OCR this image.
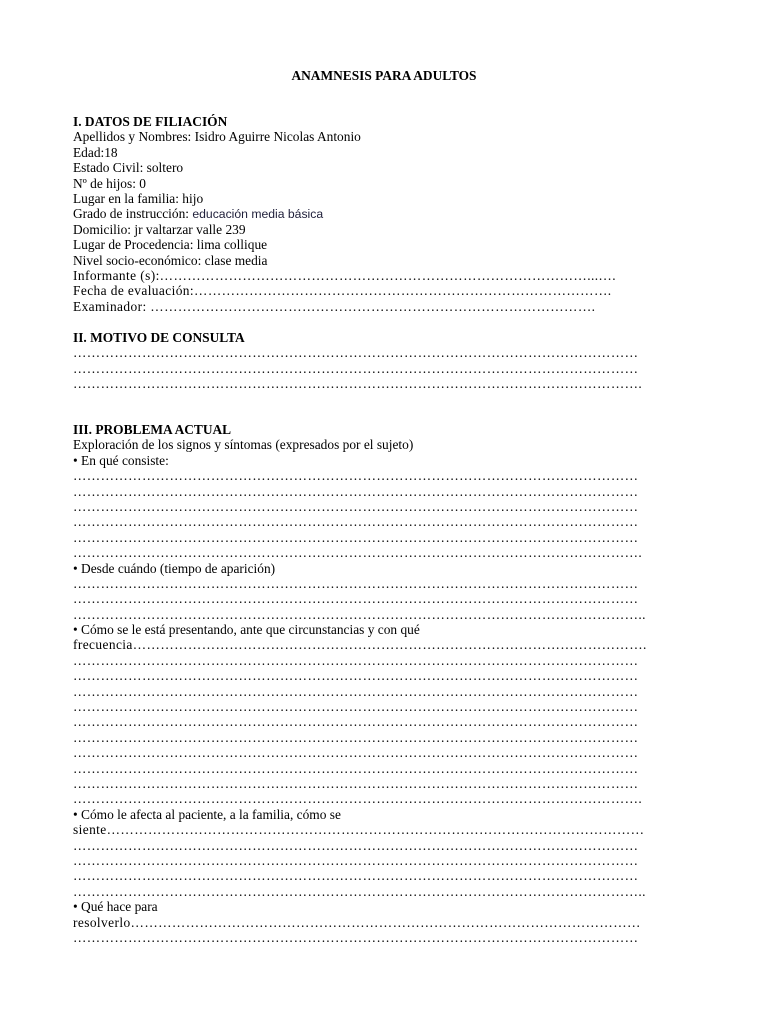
ANAMNESIS PARA ADULTOS
I. DATOS DE FILIACIÓN
Apellidos y Nombres: Isidro Aguirre Nicolas Antonio
Edad:18
Estado Civil: soltero
Nº de hijos: 0
Lugar en la familia: hijo
Grado de instrucción: educación media básica
Domicilio: jr valtarzar valle 239
Lugar de Procedencia: lima collique
Nivel socio-económico: clase media
Informante (s):…………………………………………………………………………………...….
Fecha de evaluación:……………………………………………………………………………….
Examinador: …………………………………………………………………………………….
II. MOTIVO DE CONSULTA
……………………………………………………………………………………………………………
……………………………………………………………………………………………………………
…………………………………………………………………………………………………………….
III. PROBLEMA ACTUAL
Exploración de los signos y síntomas (expresados por el sujeto)
• En qué consiste:
……………………………………………………………………………………………………………
……………………………………………………………………………………………………………
……………………………………………………………………………………………………………
……………………………………………………………………………………………………………
……………………………………………………………………………………………………………
…………………………………………………………………………………………………………….
• Desde cuándo (tiempo de aparición)
……………………………………………………………………………………………………………
……………………………………………………………………………………………………………
……………………………………………………………………………………………………………..
• Cómo se le está presentando, ante que circunstancias y con qué
frecuencia………………………………………………………………………………………………….
……………………………………………………………………………………………………………
……………………………………………………………………………………………………………
……………………………………………………………………………………………………………
……………………………………………………………………………………………………………
……………………………………………………………………………………………………………
……………………………………………………………………………………………………………
……………………………………………………………………………………………………………
……………………………………………………………………………………………………………
……………………………………………………………………………………………………………
…………………………………………………………………………………………………………….
• Cómo le afecta al paciente, a la familia, cómo se
siente………………………………………………………………………………………………………
……………………………………………………………………………………………………………
……………………………………………………………………………………………………………
……………………………………………………………………………………………………………
……………………………………………………………………………………………………………..
• Qué hace para
resolverlo…………………………………………………………………………………………………
……………………………………………………………………………………………………………
